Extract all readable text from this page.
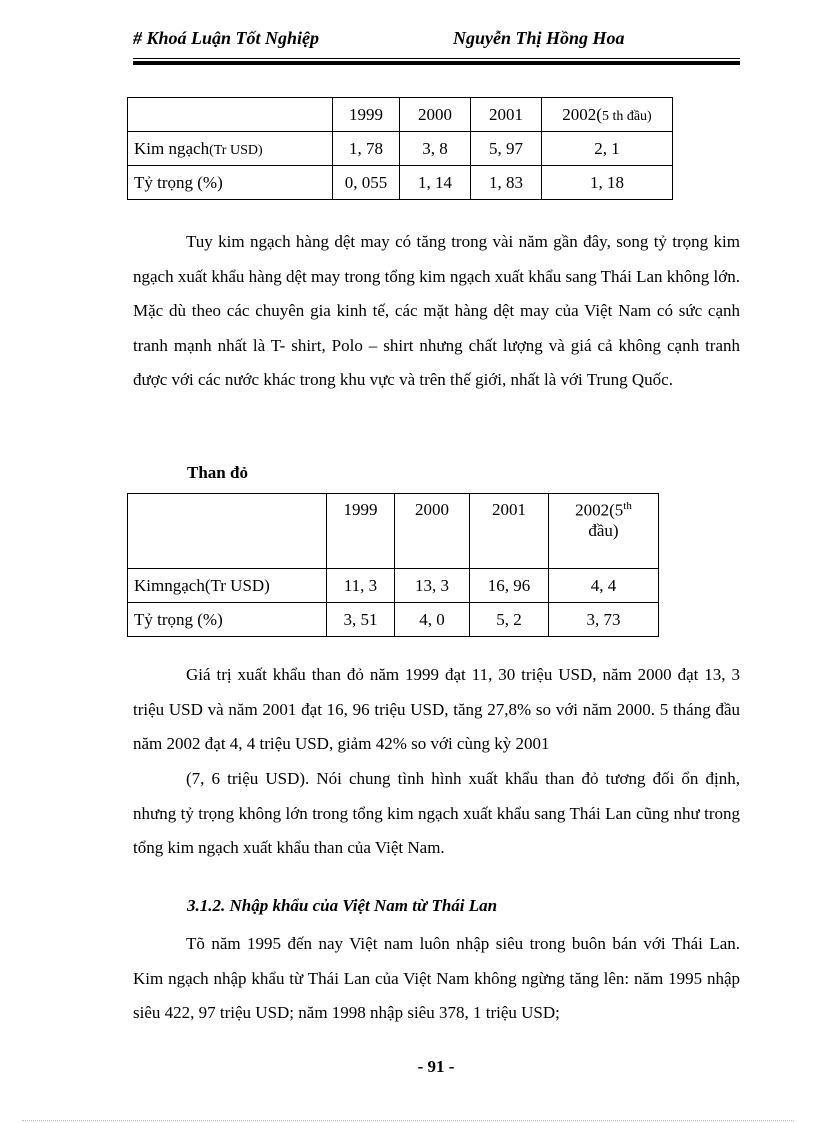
# Khoá Luận Tốt Nghiệp	Nguyễn Thị Hồng Hoa
	1999	2000	2001	2002(5 th đầu)
Kim ngạch(Tr USD)	1, 78	3, 8	5, 97	2, 1
Tỷ trọng (%)	0, 055	1, 14	1, 83	1, 18

Tuy kim ngạch hàng dệt may có tăng trong vài năm gần đây, song tỷ trọng kim ngạch xuất khẩu hàng dệt may trong tổng kim ngạch xuất khẩu sang Thái Lan không lớn. Mặc dù theo các chuyên gia kinh tế, các mặt hàng dệt may của Việt Nam có sức cạnh tranh mạnh nhất là T- shirt, Polo – shirt nhưng chất lượng và giá cả không cạnh tranh được với các nước khác trong khu vực và trên thế giới, nhất là với Trung Quốc.

Than đỏ
	1999	2000	2001	2002(5th
đầu)
Kimngạch(Tr USD)	11, 3	13, 3	16, 96	4, 4
Tỷ trọng (%)	3, 51	4, 0	5, 2	3, 73

Giá trị xuất khẩu than đỏ năm 1999 đạt 11, 30 triệu USD, năm 2000 đạt 13, 3 triệu USD và năm 2001 đạt 16, 96 triệu USD, tăng 27,8% so với năm 2000. 5 tháng đầu năm 2002 đạt 4, 4 triệu USD, giảm 42% so với cùng kỳ 2001

(7, 6 triệu USD). Nói chung tình hình xuất khẩu than đỏ tương đối ổn định, nhưng tỷ trọng không lớn trong tổng kim ngạch xuất khẩu sang Thái Lan cũng như trong tổng kim ngạch xuất khẩu than của Việt Nam.

3.1.2. Nhập khẩu của Việt Nam từ Thái Lan

Tõ năm 1995 đến nay Việt nam luôn nhập siêu trong buôn bán với Thái Lan. Kim ngạch nhập khẩu từ Thái Lan của Việt Nam không ngừng tăng lên: năm 1995 nhập siêu 422, 97 triệu USD; năm 1998 nhập siêu 378, 1 triệu USD;

- 91 -
